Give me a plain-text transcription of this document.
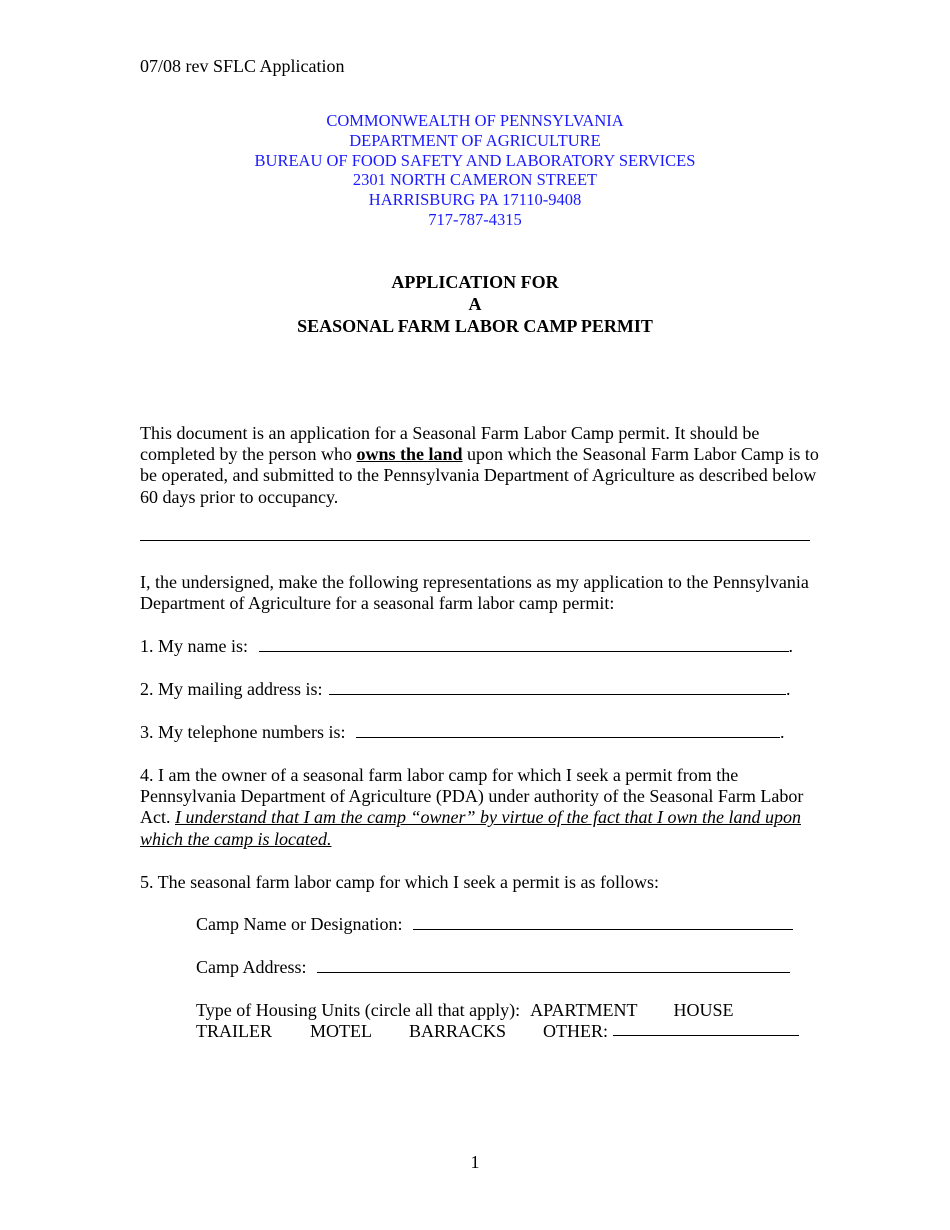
07/08 rev SFLC Application
COMMONWEALTH OF PENNSYLVANIA
DEPARTMENT OF AGRICULTURE
BUREAU OF FOOD SAFETY AND LABORATORY SERVICES
2301 NORTH CAMERON STREET
HARRISBURG PA 17110-9408
717-787-4315
APPLICATION FOR
A
SEASONAL FARM LABOR CAMP PERMIT
This document is an application for a Seasonal Farm Labor Camp permit. It should be completed by the person who owns the land upon which the Seasonal Farm Labor Camp is to be operated, and submitted to the Pennsylvania Department of Agriculture as described below 60 days prior to occupancy.
I, the undersigned, make the following representations as my application to the Pennsylvania Department of Agriculture for a seasonal farm labor camp permit:
1. My name is:	.
2. My mailing address is:	.
3. My telephone numbers is:	.
4. I am the owner of a seasonal farm labor camp for which I seek a permit from the Pennsylvania Department of Agriculture (PDA) under authority of the Seasonal Farm Labor Act. I understand that I am the camp “owner” by virtue of the fact that I own the land upon which the camp is located.
5. The seasonal farm labor camp for which I seek a permit is as follows:
Camp Name or Designation:
Camp Address:
Type of Housing Units (circle all that apply): APARTMENT HOUSE
TRAILER MOTEL BARRACKS OTHER:
1
